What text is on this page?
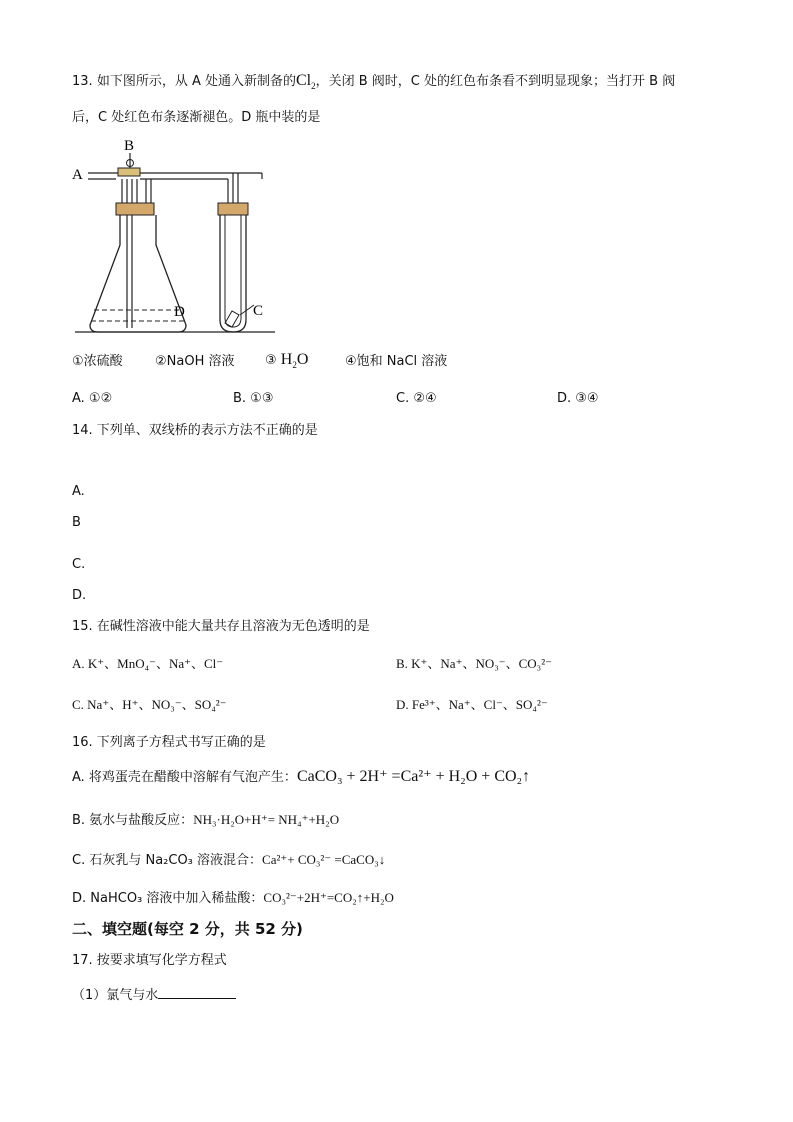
13. 如下图所示，从 A 处通入新制备的$Cl_2$，关闭 B 阀时，C 处的红色布条看不到明显现象；当打开 B 阀
后，C 处红色布条逐渐褪色。D 瓶中装的是
A
B
C
D
①浓硫酸 ②NaOH 溶液 ③ $H_2O$	④饱和 NaCl 溶液
A. ①②	B. ①③	C. ②④	D. ③④
14. 下列单、双线桥的表示方法不正确的是
A.
B
C.
D.
15. 在碱性溶液中能大量共存且溶液为无色透明的是
A. K⁺、MnO₄⁻、Na⁺、Cl⁻	B. K⁺、Na⁺、NO₃⁻、CO₃²⁻
C. Na⁺、H⁺、NO₃⁻、SO₄²⁻	D. Fe³⁺、Na⁺、Cl⁻、SO₄²⁻
16. 下列离子方程式书写正确的是
A. 将鸡蛋壳在醋酸中溶解有气泡产生：CaCO₃ + 2H⁺ =Ca²⁺ + H₂O + CO₂↑
B. 氨水与盐酸反应：NH₃·H₂O+H⁺= NH₄⁺+H₂O
C. 石灰乳与 Na₂CO₃ 溶液混合：Ca²⁺+ CO₃²⁻ =CaCO₃↓
D. NaHCO₃ 溶液中加入稀盐酸：CO₃²⁻+2H⁺=CO₂↑+H₂O
二、填空题(每空 2 分，共 52 分)
17. 按要求填写化学方程式
（1）氯气与水
